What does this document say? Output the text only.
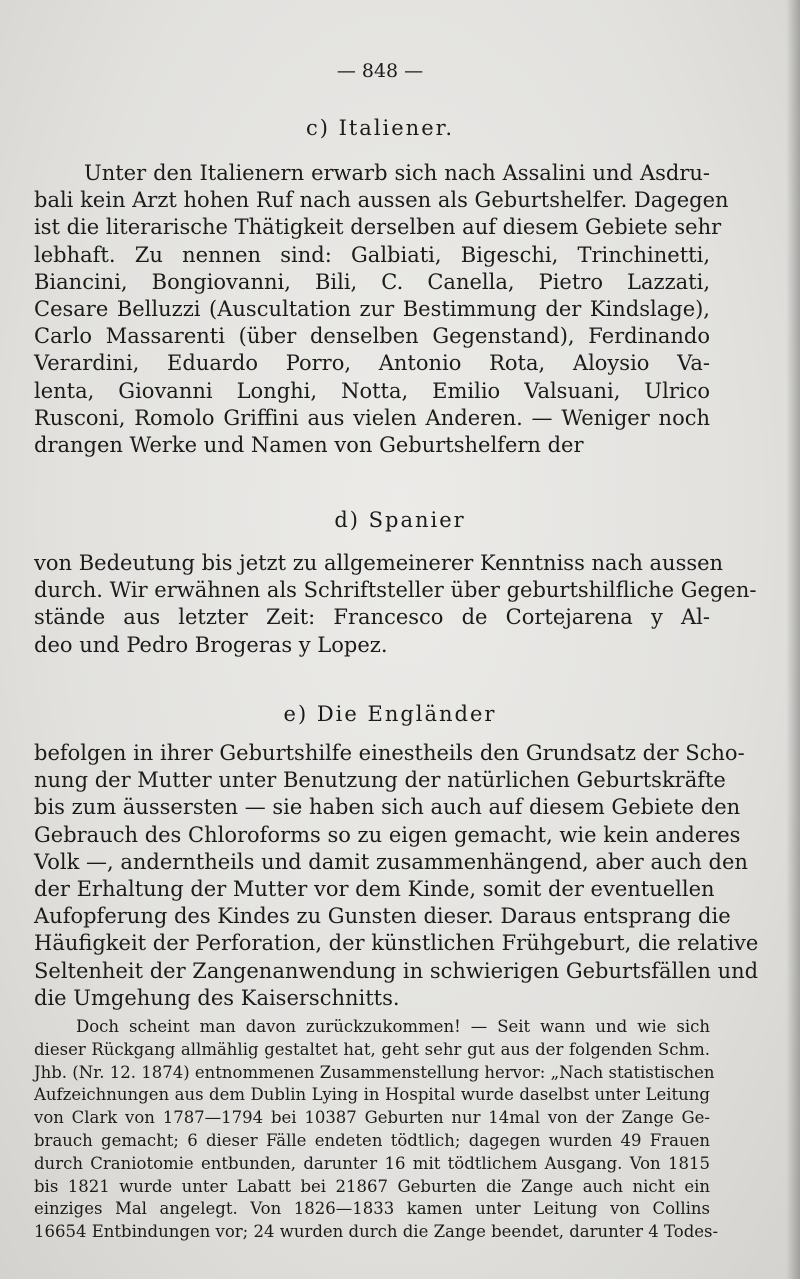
— 848 —
c) Italiener.
Unter den Italienern erwarb sich nach Assalini und Asdru-
bali kein Arzt hohen Ruf nach aussen als Geburtshelfer. Dagegen
ist die literarische Thätigkeit derselben auf diesem Gebiete sehr
lebhaft. Zu nennen sind: Galbiati, Bigeschi, Trinchinetti,
Biancini, Bongiovanni, Bili, C. Canella, Pietro Lazzati,
Cesare Belluzzi (Auscultation zur Bestimmung der Kindslage),
Carlo Massarenti (über denselben Gegenstand), Ferdinando
Verardini, Eduardo Porro, Antonio Rota, Aloysio Va-
lenta, Giovanni Longhi, Notta, Emilio Valsuani, Ulrico
Rusconi, Romolo Griffini aus vielen Anderen. — Weniger noch
drangen Werke und Namen von Geburtshelfern der
d) Spanier
von Bedeutung bis jetzt zu allgemeinerer Kenntniss nach aussen
durch. Wir erwähnen als Schriftsteller über geburtshilfliche Gegen-
stände aus letzter Zeit: Francesco de Cortejarena y Al-
deo und Pedro Brogeras y Lopez.
e) Die Engländer
befolgen in ihrer Geburtshilfe einestheils den Grundsatz der Scho-
nung der Mutter unter Benutzung der natürlichen Geburtskräfte
bis zum äussersten — sie haben sich auch auf diesem Gebiete den
Gebrauch des Chloroforms so zu eigen gemacht, wie kein anderes
Volk —, anderntheils und damit zusammenhängend, aber auch den
der Erhaltung der Mutter vor dem Kinde, somit der eventuellen
Aufopferung des Kindes zu Gunsten dieser. Daraus entsprang die
Häufigkeit der Perforation, der künstlichen Frühgeburt, die relative
Seltenheit der Zangenanwendung in schwierigen Geburtsfällen und
die Umgehung des Kaiserschnitts.
Doch scheint man davon zurückzukommen! — Seit wann und wie sich
dieser Rückgang allmählig gestaltet hat, geht sehr gut aus der folgenden Schm.
Jhb. (Nr. 12. 1874) entnommenen Zusammenstellung hervor: „Nach statistischen
Aufzeichnungen aus dem Dublin Lying in Hospital wurde daselbst unter Leitung
von Clark von 1787—1794 bei 10387 Geburten nur 14mal von der Zange Ge-
brauch gemacht; 6 dieser Fälle endeten tödtlich; dagegen wurden 49 Frauen
durch Craniotomie entbunden, darunter 16 mit tödtlichem Ausgang. Von 1815
bis 1821 wurde unter Labatt bei 21867 Geburten die Zange auch nicht ein
einziges Mal angelegt. Von 1826—1833 kamen unter Leitung von Collins
16654 Entbindungen vor; 24 wurden durch die Zange beendet, darunter 4 Todes-
